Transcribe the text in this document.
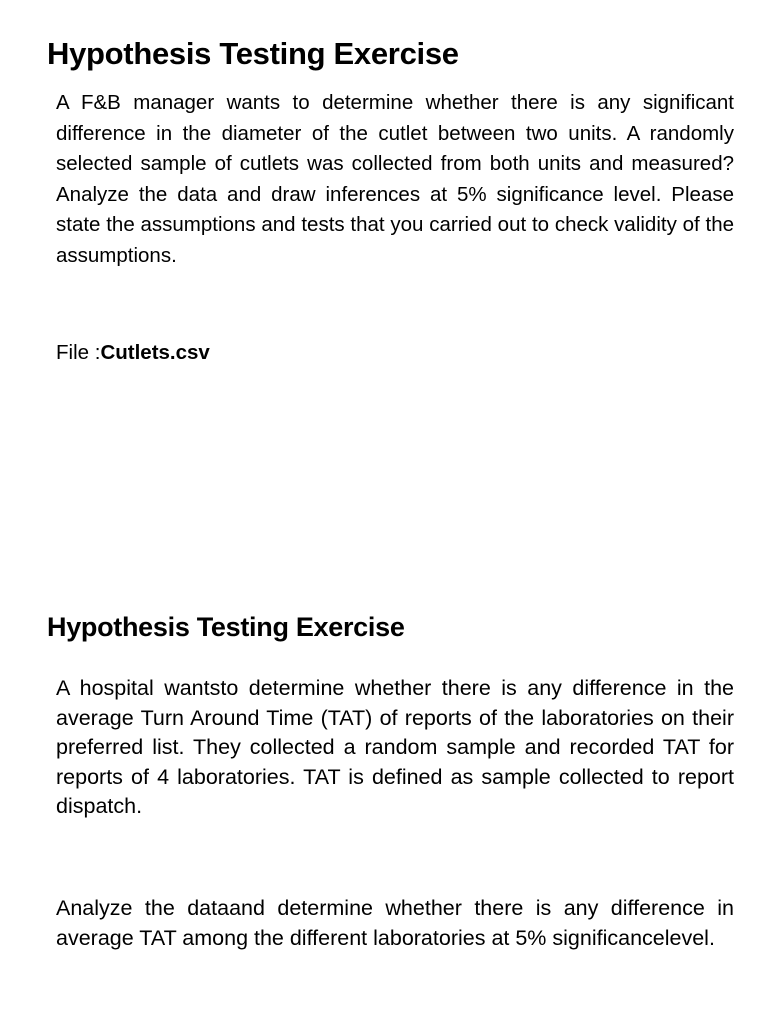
Hypothesis Testing Exercise

A F&B manager wants to determine whether there is any significant difference in the diameter of the cutlet between two units. A randomly selected sample of cutlets was collected from both units and measured? Analyze the data and draw inferences at 5% significance level. Please state the assumptions and tests that you carried out to check validity of the assumptions.

File :Cutlets.csv

Hypothesis Testing Exercise

A hospital wantsto determine whether there is any difference in the average Turn Around Time (TAT) of reports of the laboratories on their preferred list. They collected a random sample and recorded TAT for reports of 4 laboratories. TAT is defined as sample collected to report dispatch.

Analyze the dataand determine whether there is any difference in average TAT among the different laboratories at 5% significancelevel.
